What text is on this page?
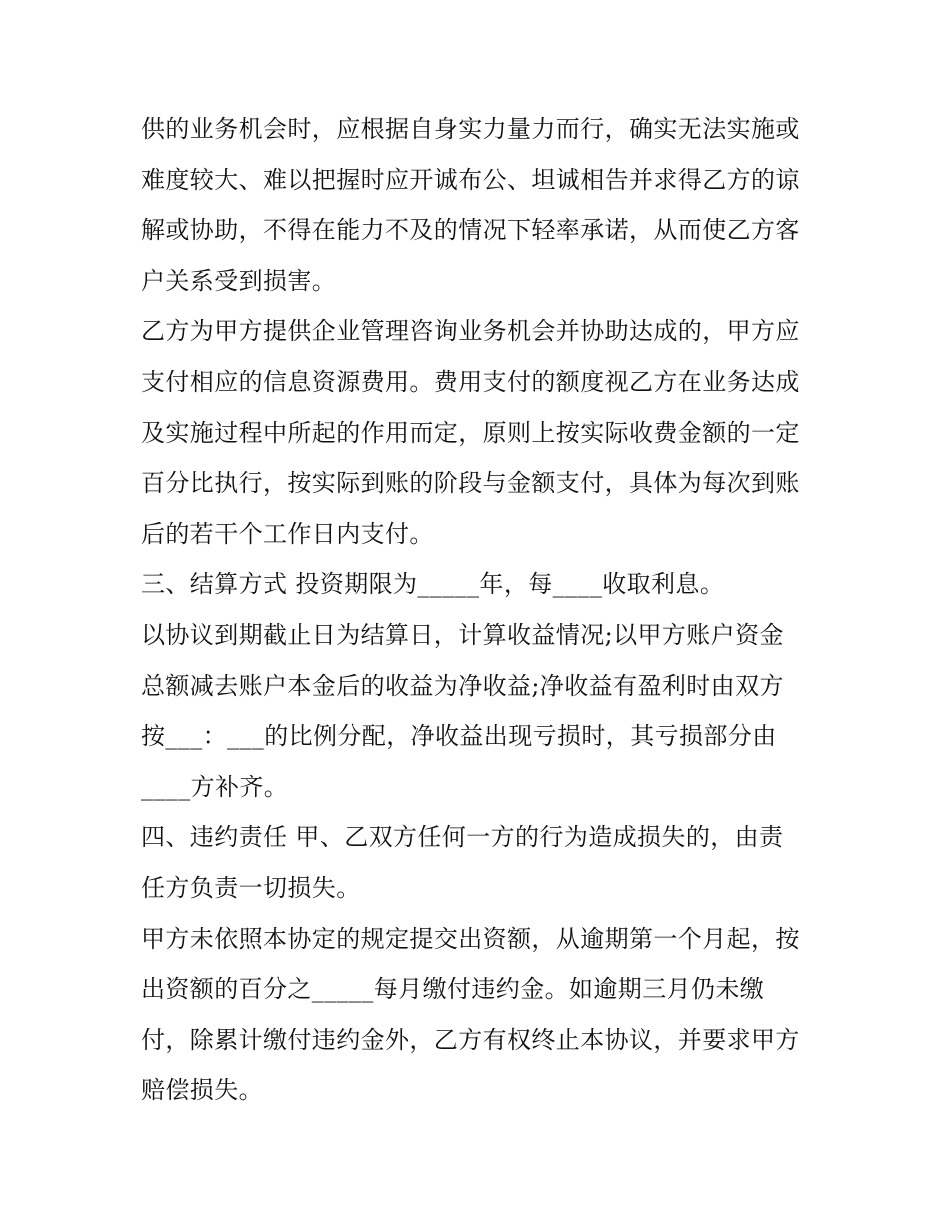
供的业务机会时，应根据自身实力量力而行，确实无法实施或
难度较大、难以把握时应开诚布公、坦诚相告并求得乙方的谅
解或协助，不得在能力不及的情况下轻率承诺，从而使乙方客
户关系受到损害。
乙方为甲方提供企业管理咨询业务机会并协助达成的，甲方应
支付相应的信息资源费用。费用支付的额度视乙方在业务达成
及实施过程中所起的作用而定，原则上按实际收费金额的一定
百分比执行，按实际到账的阶段与金额支付，具体为每次到账
后的若干个工作日内支付。
三、结算方式 投资期限为_____年，每____收取利息。
以协议到期截止日为结算日，计算收益情况;以甲方账户资金
总额减去账户本金后的收益为净收益;净收益有盈利时由双方
按___：___的比例分配，净收益出现亏损时，其亏损部分由
____方补齐。
四、违约责任 甲、乙双方任何一方的行为造成损失的，由责
任方负责一切损失。
甲方未依照本协定的规定提交出资额，从逾期第一个月起，按
出资额的百分之_____每月缴付违约金。如逾期三月仍未缴
付，除累计缴付违约金外，乙方有权终止本协议，并要求甲方
赔偿损失。
